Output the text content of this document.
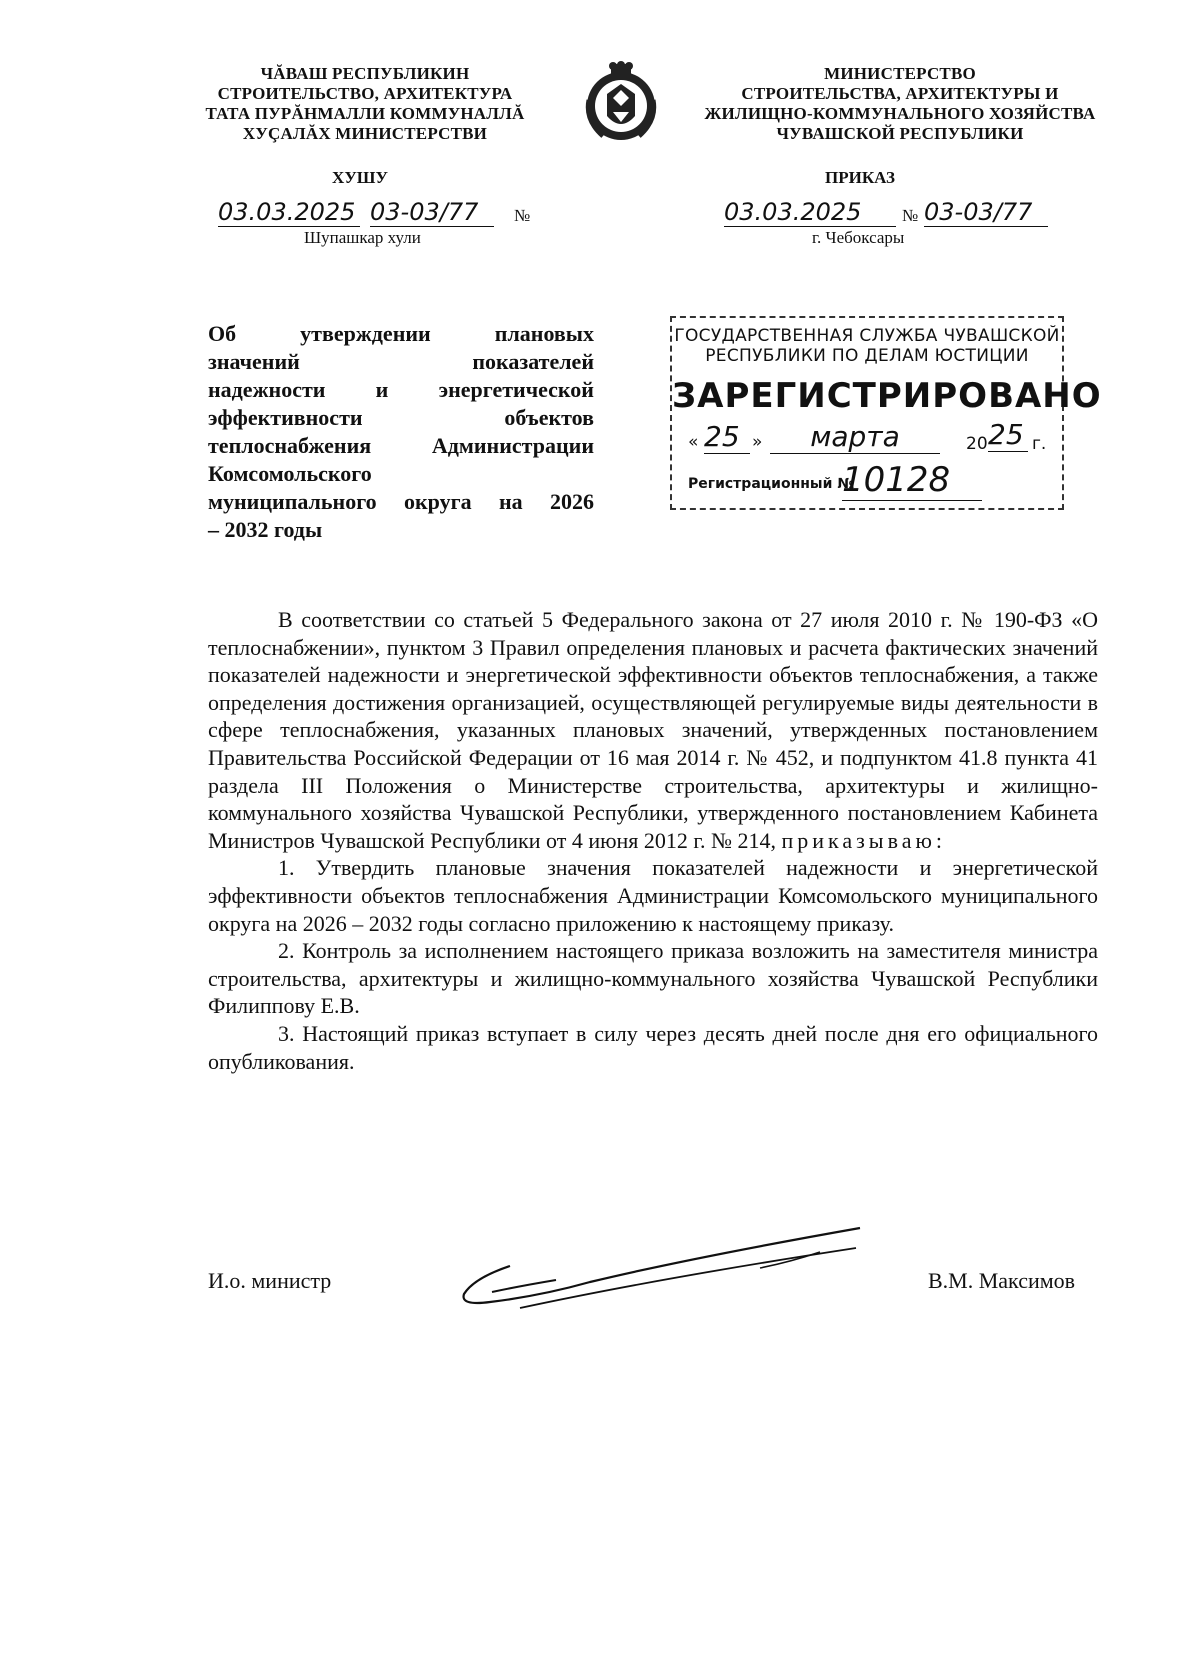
ЧĂВАШ РЕСПУБЛИКИН
СТРОИТЕЛЬСТВО, АРХИТЕКТУРА
ТАТА ПУРĂНМАЛЛИ КОММУНАЛЛĂ
ХУÇАЛĂХ МИНИСТЕРСТВИ
МИНИСТЕРСТВО
СТРОИТЕЛЬСТВА, АРХИТЕКТУРЫ И
ЖИЛИЩНО-КОММУНАЛЬНОГО ХОЗЯЙСТВА
ЧУВАШСКОЙ РЕСПУБЛИКИ
ХУШУ	ПРИКАЗ
03.03.2025 03-03/77	№
Шупашкар хули
03.03.2025	№ 03-03/77
г. Чебоксары
Об утверждении плановых
значений показателей
надежности и энергетической
эффективности объектов
теплоснабжения Администрации
Комсомольского
муниципального округа на 2026
– 2032 годы
ГОСУДАРСТВЕННАЯ СЛУЖБА ЧУВАШСКОЙ
РЕСПУБЛИКИ ПО ДЕЛАМ ЮСТИЦИИ
ЗАРЕГИСТРИРОВАНО
« 25 »	марта	20 25 г.
Регистрационный №
10128

В соответствии со статьей 5 Федерального закона от 27 июля 2010 г. № 190-ФЗ «О теплоснабжении», пунктом 3 Правил определения плановых и расчета фактических значений показателей надежности и энергетической эффективности объектов теплоснабжения, а также определения достижения организацией, осуществляющей регулируемые виды деятельности в сфере теплоснабжения, указанных плановых значений, утвержденных постановлением Правительства Российской Федерации от 16 мая 2014 г. № 452, и подпунктом 41.8 пункта 41 раздела III Положения о Министерстве строительства, архитектуры и жилищно-коммунального хозяйства Чувашской Республики, утвержденного постановлением Кабинета Министров Чувашской Республики от 4 июня 2012 г. № 214, приказываю:

1. Утвердить плановые значения показателей надежности и энергетической эффективности объектов теплоснабжения Администрации Комсомольского муниципального округа на 2026 – 2032 годы согласно приложению к настоящему приказу.

2. Контроль за исполнением настоящего приказа возложить на заместителя министра строительства, архитектуры и жилищно-коммунального хозяйства Чувашской Республики Филиппову Е.В.

3. Настоящий приказ вступает в силу через десять дней после дня его официального опубликования.

И.о. министр	В.М. Максимов
